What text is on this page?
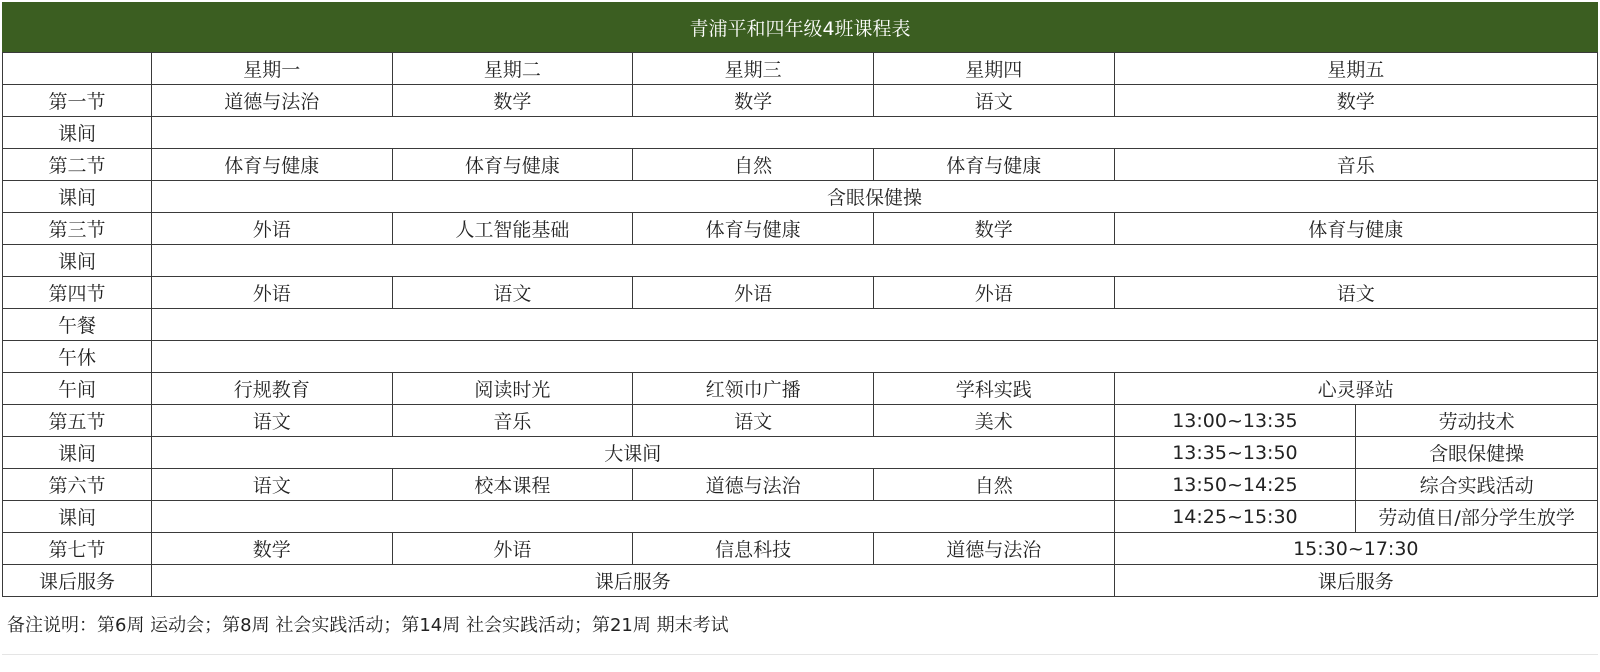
青浦平和四年级4班课程表
	星期一	星期二	星期三	星期四	星期五	
第一节	道德与法治	数学	数学	语文	数学	
课间						
第二节	体育与健康	体育与健康	自然	体育与健康	音乐	
课间	含眼保健操					
第三节	外语	人工智能基础	体育与健康	数学	体育与健康	
课间						
第四节	外语	语文	外语	外语	语文	
午餐						
午休						
午间	行规教育	阅读时光	红领巾广播	学科实践	心灵驿站	
第五节	语文	音乐	语文	美术	13:00~13:35	劳动技术
课间	大课间				13:35~13:50	含眼保健操
第六节	语文	校本课程	道德与法治	自然	13:50~14:25	综合实践活动
课间					14:25~15:30	劳动值日/部分学生放学
第七节	数学	外语	信息科技	道德与法治	15:30~17:30	
课后服务	课后服务				课后服务	
备注说明：第6周 运动会；第8周 社会实践活动；第14周 社会实践活动；第21周 期末考试
